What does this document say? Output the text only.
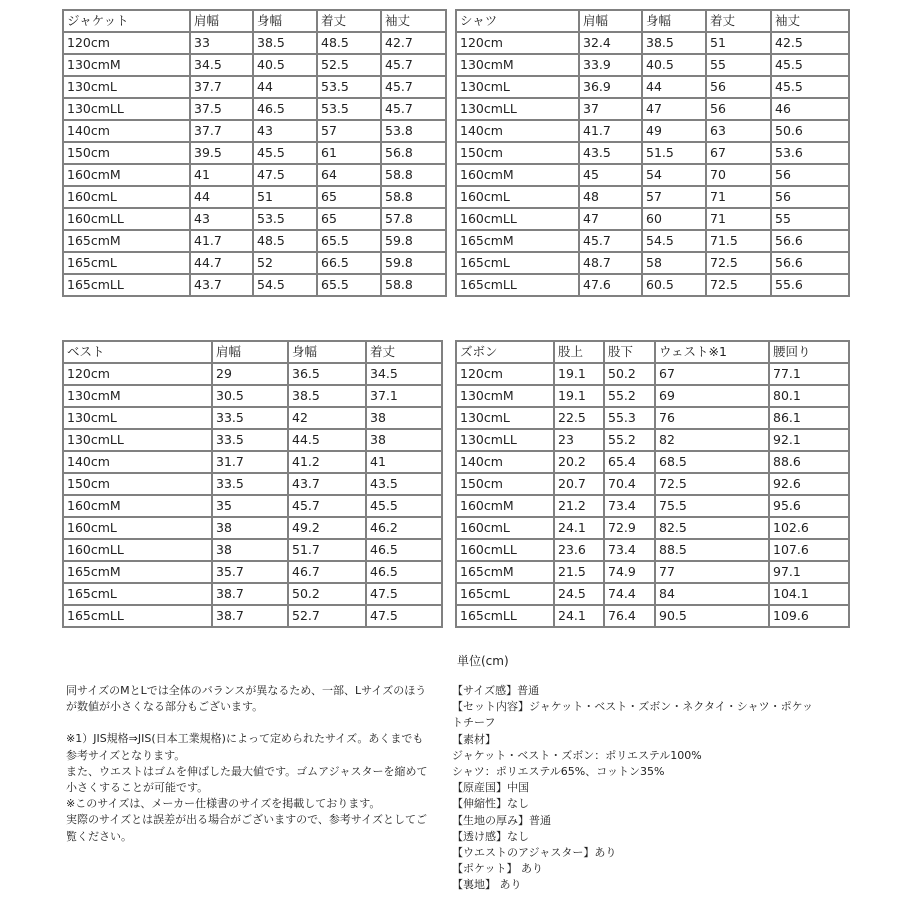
ジャケット	肩幅	身幅	着丈	袖丈
120cm	33	38.5	48.5	42.7
130cmM	34.5	40.5	52.5	45.7
130cmL	37.7	44	53.5	45.7
130cmLL	37.5	46.5	53.5	45.7
140cm	37.7	43	57	53.8
150cm	39.5	45.5	61	56.8
160cmM	41	47.5	64	58.8
160cmL	44	51	65	58.8
160cmLL	43	53.5	65	57.8
165cmM	41.7	48.5	65.5	59.8
165cmL	44.7	52	66.5	59.8
165cmLL	43.7	54.5	65.5	58.8
シャツ	肩幅	身幅	着丈	袖丈
120cm	32.4	38.5	51	42.5
130cmM	33.9	40.5	55	45.5
130cmL	36.9	44	56	45.5
130cmLL	37	47	56	46
140cm	41.7	49	63	50.6
150cm	43.5	51.5	67	53.6
160cmM	45	54	70	56
160cmL	48	57	71	56
160cmLL	47	60	71	55
165cmM	45.7	54.5	71.5	56.6
165cmL	48.7	58	72.5	56.6
165cmLL	47.6	60.5	72.5	55.6
ベスト	肩幅	身幅	着丈
120cm	29	36.5	34.5
130cmM	30.5	38.5	37.1
130cmL	33.5	42	38
130cmLL	33.5	44.5	38
140cm	31.7	41.2	41
150cm	33.5	43.7	43.5
160cmM	35	45.7	45.5
160cmL	38	49.2	46.2
160cmLL	38	51.7	46.5
165cmM	35.7	46.7	46.5
165cmL	38.7	50.2	47.5
165cmLL	38.7	52.7	47.5
ズボン	股上	股下	ウェスト※1	腰回り
120cm	19.1	50.2	67	77.1
130cmM	19.1	55.2	69	80.1
130cmL	22.5	55.3	76	86.1
130cmLL	23	55.2	82	92.1
140cm	20.2	65.4	68.5	88.6
150cm	20.7	70.4	72.5	92.6
160cmM	21.2	73.4	75.5	95.6
160cmL	24.1	72.9	82.5	102.6
160cmLL	23.6	73.4	88.5	107.6
165cmM	21.5	74.9	77	97.1
165cmL	24.5	74.4	84	104.1
165cmLL	24.1	76.4	90.5	109.6
単位(cm)

同サイズのMとLでは全体のバランスが異なるため、一部、Lサイズのほう

が数値が小さくなる部分もございます。

※1）JIS規格⇒JIS(日本工業規格)によって定められたサイズ。あくまでも

参考サイズとなります。

また、ウエストはゴムを伸ばした最大値です。ゴムアジャスターを縮めて

小さくすることが可能です。

※このサイズは、メーカー仕様書のサイズを掲載しております。

実際のサイズとは誤差が出る場合がございますので、参考サイズとしてご

覧ください。

【サイズ感】普通

【セット内容】ジャケット・ベスト・ズボン・ネクタイ・シャツ・ポケッ

トチーフ

【素材】

ジャケット・ベスト・ズボン：ポリエステル100%

シャツ：ポリエステル65%、コットン35%

【原産国】中国

【伸縮性】なし

【生地の厚み】普通

【透け感】なし

【ウエストのアジャスター】あり

【ポケット】 あり

【裏地】 あり
